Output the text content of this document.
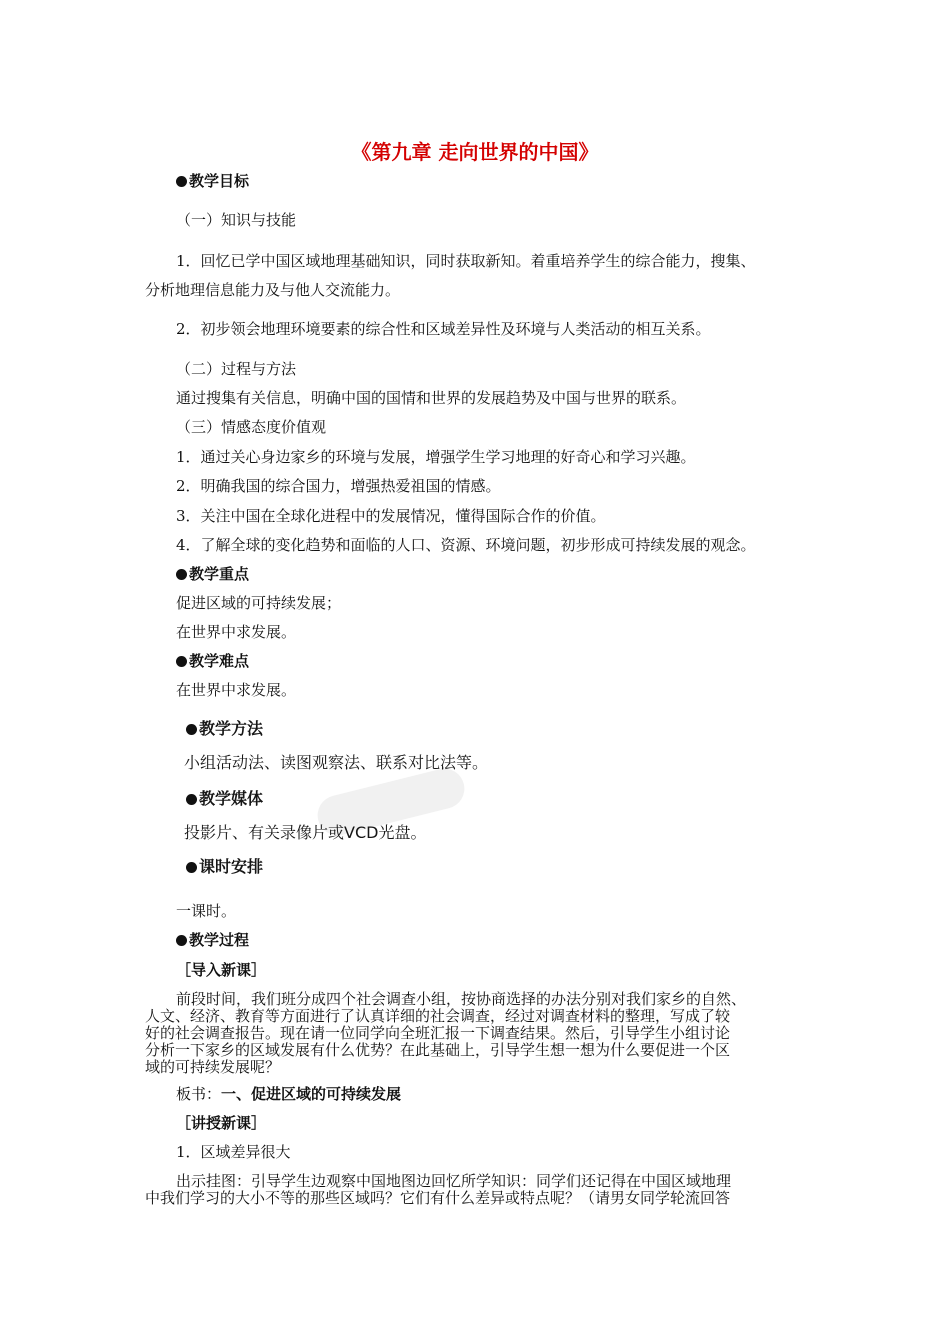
《第九章 走向世界的中国》
教学目标
（一）知识与技能
1．回忆已学中国区域地理基础知识，同时获取新知。着重培养学生的综合能力，搜集、
分析地理信息能力及与他人交流能力。
2．初步领会地理环境要素的综合性和区域差异性及环境与人类活动的相互关系。
（二）过程与方法
通过搜集有关信息，明确中国的国情和世界的发展趋势及中国与世界的联系。
（三）情感态度价值观
1．通过关心身边家乡的环境与发展，增强学生学习地理的好奇心和学习兴趣。
2．明确我国的综合国力，增强热爱祖国的情感。
3．关注中国在全球化进程中的发展情况，懂得国际合作的价值。
4．了解全球的变化趋势和面临的人口、资源、环境问题，初步形成可持续发展的观念。
教学重点
促进区域的可持续发展；
在世界中求发展。
教学难点
在世界中求发展。
教学方法
小组活动法、读图观察法、联系对比法等。
教学媒体
投影片、有关录像片或VCD光盘。
课时安排
一课时。
教学过程
［导入新课］
前段时间，我们班分成四个社会调查小组，按协商选择的办法分别对我们家乡的自然、
人文、经济、教育等方面进行了认真详细的社会调查，经过对调查材料的整理，写成了较
好的社会调查报告。现在请一位同学向全班汇报一下调查结果。然后，引导学生小组讨论
分析一下家乡的区域发展有什么优势？在此基础上，引导学生想一想为什么要促进一个区
域的可持续发展呢？
板书：一、促进区域的可持续发展
［讲授新课］
1．区域差异很大
出示挂图：引导学生边观察中国地图边回忆所学知识：同学们还记得在中国区域地理
中我们学习的大小不等的那些区域吗？它们有什么差异或特点呢？（请男女同学轮流回答
